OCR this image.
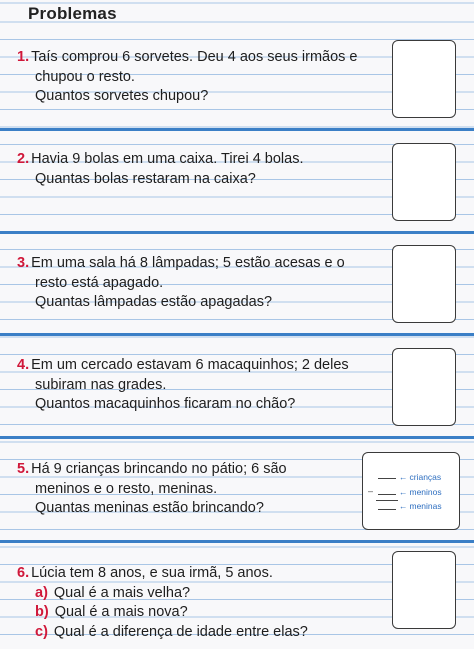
Problemas
1. Taís comprou 6 sorvetes. Deu 4 aos seus irmãos e
chupou o resto.
Quantos sorvetes chupou?
2. Havia 9 bolas em uma caixa. Tirei 4 bolas.
Quantas bolas restaram na caixa?
3. Em uma sala há 8 lâmpadas; 5 estão acesas e o
resto está apagado.
Quantas lâmpadas estão apagadas?
4. Em um cercado estavam 6 macaquinhos; 2 deles
subiram nas grades.
Quantos macaquinhos ficaram no chão?
5. Há 9 crianças brincando no pátio; 6 são
meninos e o resto, meninas.
Quantas meninas estão brincando?
← crianças
–	← meninos
← meninas
6. Lúcia tem 8 anos, e sua irmã, 5 anos.
a) Qual é a mais velha?
b) Qual é a mais nova?
c) Qual é a diferença de idade entre elas?
